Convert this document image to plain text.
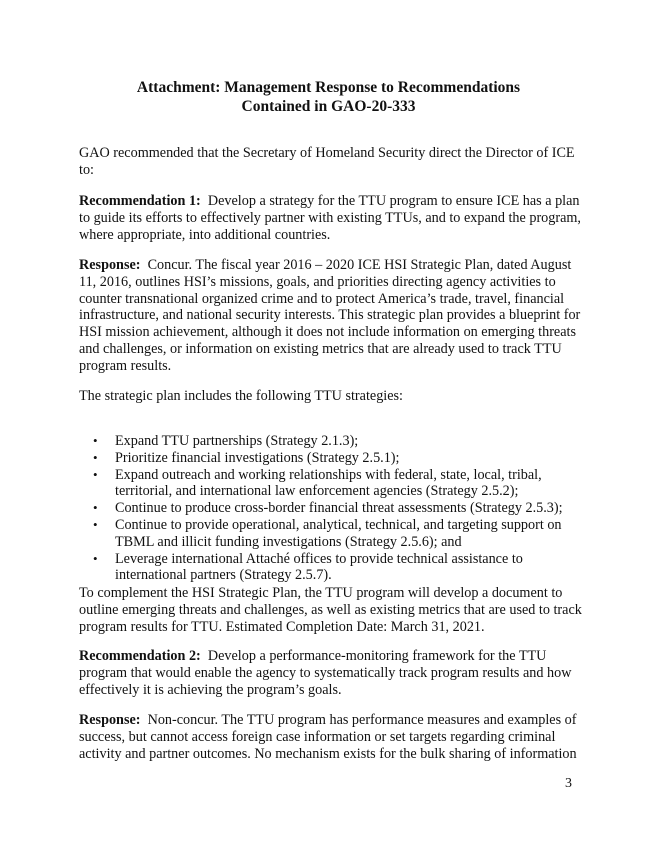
Attachment: Management Response to Recommendations
Contained in GAO-20-333

GAO recommended that the Secretary of Homeland Security direct the Director of ICE to:

Recommendation 1: Develop a strategy for the TTU program to ensure ICE has a plan to guide its efforts to effectively partner with existing TTUs, and to expand the program, where appropriate, into additional countries.

Response: Concur. The fiscal year 2016 – 2020 ICE HSI Strategic Plan, dated August 11, 2016, outlines HSI’s missions, goals, and priorities directing agency activities to counter transnational organized crime and to protect America’s trade, travel, financial infrastructure, and national security interests. This strategic plan provides a blueprint for HSI mission achievement, although it does not include information on emerging threats and challenges, or information on existing metrics that are already used to track TTU program results.

The strategic plan includes the following TTU strategies:

• Expand TTU partnerships (Strategy 2.1.3);
• Prioritize financial investigations (Strategy 2.5.1);
• Expand outreach and working relationships with federal, state, local, tribal, territorial, and international law enforcement agencies (Strategy 2.5.2);
• Continue to produce cross-border financial threat assessments (Strategy 2.5.3);
• Continue to provide operational, analytical, technical, and targeting support on TBML and illicit funding investigations (Strategy 2.5.6); and
• Leverage international Attaché offices to provide technical assistance to international partners (Strategy 2.5.7).

To complement the HSI Strategic Plan, the TTU program will develop a document to outline emerging threats and challenges, as well as existing metrics that are used to track program results for TTU. Estimated Completion Date: March 31, 2021.

Recommendation 2: Develop a performance-monitoring framework for the TTU program that would enable the agency to systematically track program results and how effectively it is achieving the program’s goals.

Response: Non-concur. The TTU program has performance measures and examples of success, but cannot access foreign case information or set targets regarding criminal activity and partner outcomes. No mechanism exists for the bulk sharing of information

3
